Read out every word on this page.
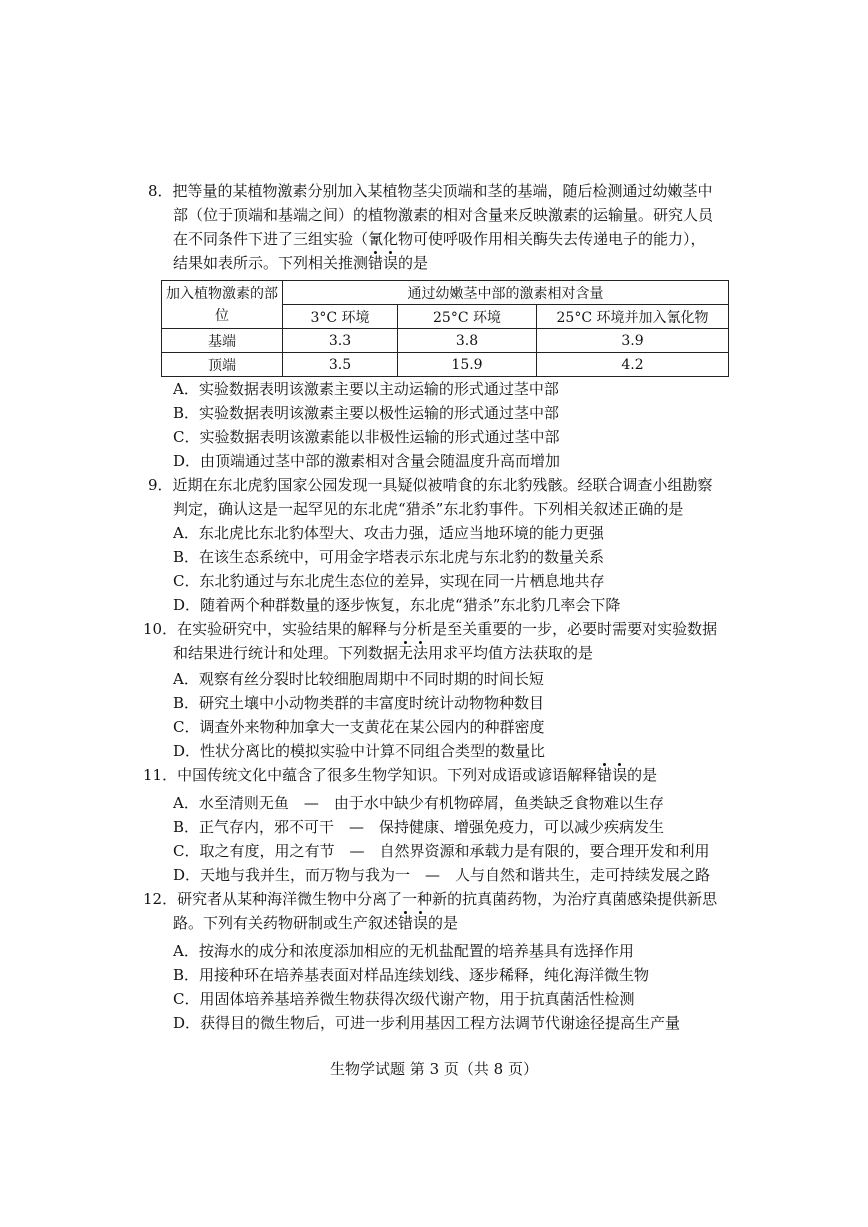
8．把等量的某植物激素分别加入某植物茎尖顶端和茎的基端，随后检测通过幼嫩茎中
部（位于顶端和基端之间）的植物激素的相对含量来反映激素的运输量。研究人员
在不同条件下进了三组实验（氰化物可使呼吸作用相关酶失去传递电子的能力），
结果如表所示。下列相关推测错误的是
加入植物激素的部位	通过幼嫩茎中部的激素相对含量		
	3°C 环境	25°C 环境	25°C 环境并加入氰化物
基端	3.3	3.8	3.9
顶端	3.5	15.9	4.2
A．实验数据表明该激素主要以主动运输的形式通过茎中部
B．实验数据表明该激素主要以极性运输的形式通过茎中部
C．实验数据表明该激素能以非极性运输的形式通过茎中部
D．由顶端通过茎中部的激素相对含量会随温度升高而增加
9．近期在东北虎豹国家公园发现一具疑似被啃食的东北豹残骸。经联合调查小组勘察
判定，确认这是一起罕见的东北虎“猎杀”东北豹事件。下列相关叙述正确的是
A．东北虎比东北豹体型大、攻击力强，适应当地环境的能力更强
B．在该生态系统中，可用金字塔表示东北虎与东北豹的数量关系
C．东北豹通过与东北虎生态位的差异，实现在同一片栖息地共存
D．随着两个种群数量的逐步恢复，东北虎“猎杀”东北豹几率会下降
10．在实验研究中，实验结果的解释与分析是至关重要的一步，必要时需要对实验数据
和结果进行统计和处理。下列数据无法用求平均值方法获取的是
A．观察有丝分裂时比较细胞周期中不同时期的时间长短
B．研究土壤中小动物类群的丰富度时统计动物物种数目
C．调查外来物种加拿大一支黄花在某公园内的种群密度
D．性状分离比的模拟实验中计算不同组合类型的数量比
11．中国传统文化中蕴含了很多生物学知识。下列对成语或谚语解释错误的是
A．水至清则无鱼　—　由于水中缺少有机物碎屑，鱼类缺乏食物难以生存
B．正气存内，邪不可干　—　保持健康、增强免疫力，可以减少疾病发生
C．取之有度，用之有节　—　自然界资源和承载力是有限的，要合理开发和利用
D．天地与我并生，而万物与我为一　—　人与自然和谐共生，走可持续发展之路
12．研究者从某种海洋微生物中分离了一种新的抗真菌药物，为治疗真菌感染提供新思
路。下列有关药物研制或生产叙述错误的是
A．按海水的成分和浓度添加相应的无机盐配置的培养基具有选择作用
B．用接种环在培养基表面对样品连续划线、逐步稀释，纯化海洋微生物
C．用固体培养基培养微生物获得次级代谢产物，用于抗真菌活性检测
D．获得目的微生物后，可进一步利用基因工程方法调节代谢途径提高生产量
生物学试题 第 3 页（共 8 页）
